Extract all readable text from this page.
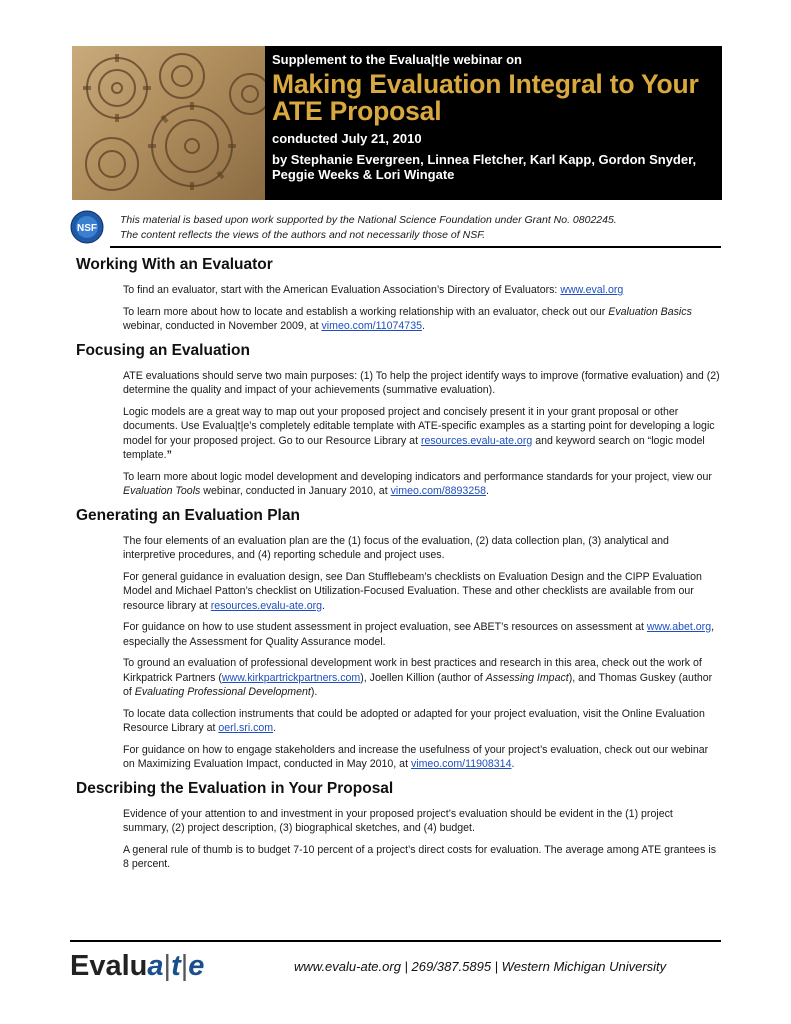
Supplement to the Evalua|t|e webinar on
Making Evaluation Integral to Your ATE Proposal
conducted July 21, 2010
by Stephanie Evergreen, Linnea Fletcher, Karl Kapp, Gordon Snyder, Peggie Weeks & Lori Wingate
NSF
This material is based upon work supported by the National Science Foundation under Grant No. 0802245.
The content reflects the views of the authors and not necessarily those of NSF.
Working With an Evaluator

To find an evaluator, start with the American Evaluation Association’s Directory of Evaluators: www.eval.org

To learn more about how to locate and establish a working relationship with an evaluator, check out our Evaluation Basics webinar, conducted in November 2009, at vimeo.com/11074735.

Focusing an Evaluation

ATE evaluations should serve two main purposes: (1) To help the project identify ways to improve (formative evaluation) and (2) determine the quality and impact of your achievements (summative evaluation).

Logic models are a great way to map out your proposed project and concisely present it in your grant proposal or other documents. Use Evalua|t|e’s completely editable template with ATE-specific examples as a starting point for developing a logic model for your proposed project. Go to our Resource Library at resources.evalu-ate.org and keyword search on “logic model template.”

To learn more about logic model development and developing indicators and performance standards for your project, view our Evaluation Tools webinar, conducted in January 2010, at vimeo.com/8893258.

Generating an Evaluation Plan

The four elements of an evaluation plan are the (1) focus of the evaluation, (2) data collection plan, (3) analytical and interpretive procedures, and (4) reporting schedule and project uses.

For general guidance in evaluation design, see Dan Stufflebeam’s checklists on Evaluation Design and the CIPP Evaluation Model and Michael Patton’s checklist on Utilization-Focused Evaluation. These and other checklists are available from our resource library at resources.evalu-ate.org.

For guidance on how to use student assessment in project evaluation, see ABET’s resources on assessment at www.abet.org, especially the Assessment for Quality Assurance model.

To ground an evaluation of professional development work in best practices and research in this area, check out the work of Kirkpatrick Partners (www.kirkpartrickpartners.com), Joellen Killion (author of Assessing Impact), and Thomas Guskey (author of Evaluating Professional Development).

To locate data collection instruments that could be adopted or adapted for your project evaluation, visit the Online Evaluation Resource Library at oerl.sri.com.

For guidance on how to engage stakeholders and increase the usefulness of your project’s evaluation, check out our webinar on Maximizing Evaluation Impact, conducted in May 2010, at vimeo.com/11908314.

Describing the Evaluation in Your Proposal

Evidence of your attention to and investment in your proposed project’s evaluation should be evident in the (1) project summary, (2) project description, (3) biographical sketches, and (4) budget.

A general rule of thumb is to budget 7-10 percent of a project’s direct costs for evaluation. The average among ATE grantees is 8 percent.

Evalua|t|e	www.evalu-ate.org | 269/387.5895 | Western Michigan University
